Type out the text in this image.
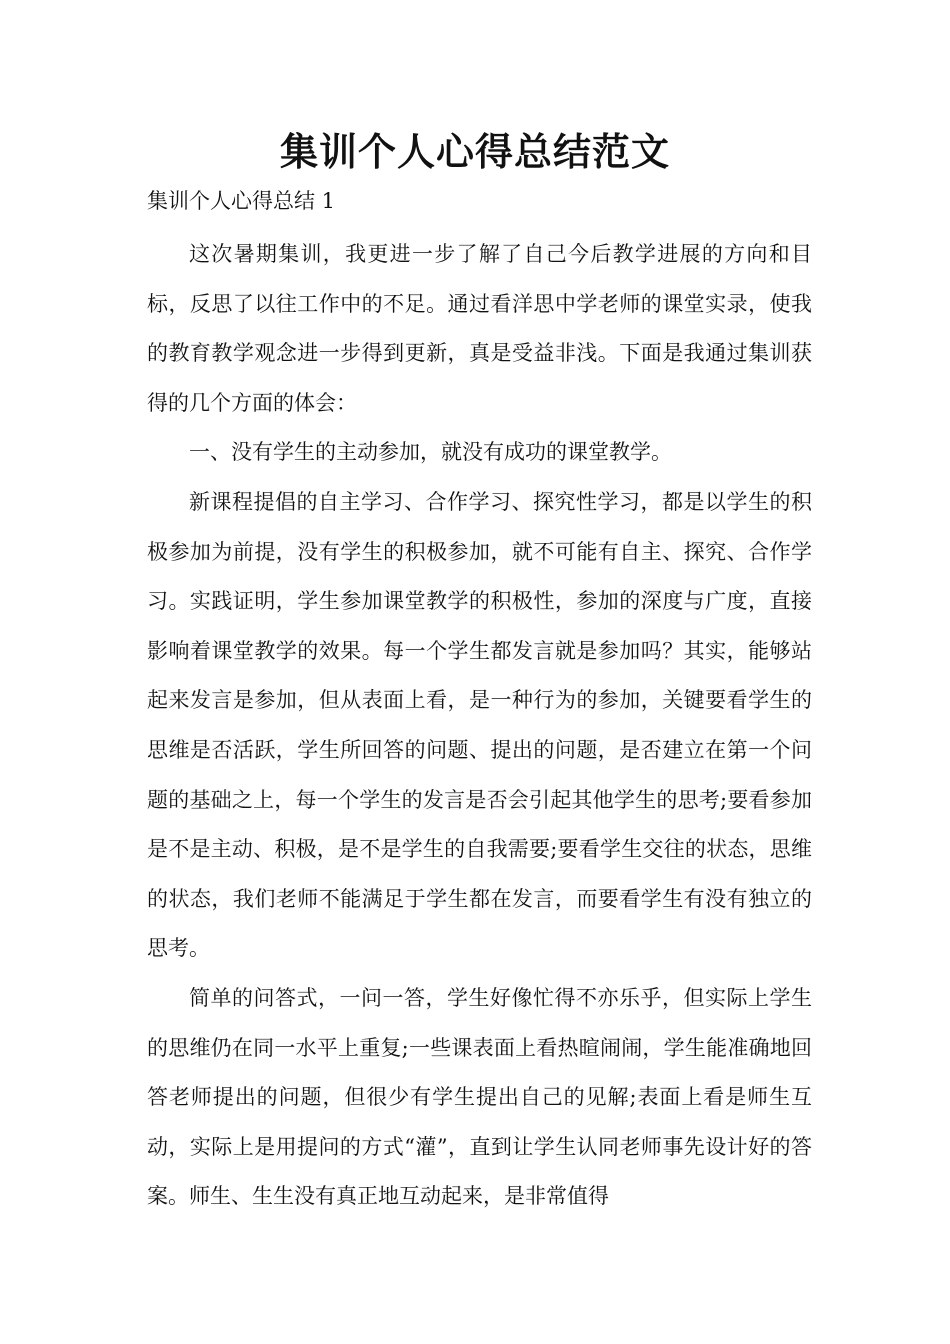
集训个人心得总结范文
集训个人心得总结 1

这次暑期集训，我更进一步了解了自己今后教学进展的方向和目标，反思了以往工作中的不足。通过看洋思中学老师的课堂实录，使我的教育教学观念进一步得到更新，真是受益非浅。下面是我通过集训获得的几个方面的体会：

一、没有学生的主动参加，就没有成功的课堂教学。

新课程提倡的自主学习、合作学习、探究性学习，都是以学生的积极参加为前提，没有学生的积极参加，就不可能有自主、探究、合作学习。实践证明，学生参加课堂教学的积极性，参加的深度与广度，直接影响着课堂教学的效果。每一个学生都发言就是参加吗？其实，能够站起来发言是参加，但从表面上看，是一种行为的参加，关键要看学生的思维是否活跃，学生所回答的问题、提出的问题，是否建立在第一个问题的基础之上，每一个学生的发言是否会引起其他学生的思考;要看参加是不是主动、积极，是不是学生的自我需要;要看学生交往的状态，思维的状态，我们老师不能满足于学生都在发言，而要看学生有没有独立的思考。

简单的问答式，一问一答，学生好像忙得不亦乐乎，但实际上学生的思维仍在同一水平上重复;一些课表面上看热暄闹闹，学生能准确地回答老师提出的问题，但很少有学生提出自己的见解;表面上看是师生互动，实际上是用提问的方式“灌”，直到让学生认同老师事先设计好的答案。师生、生生没有真正地互动起来，是非常值得
